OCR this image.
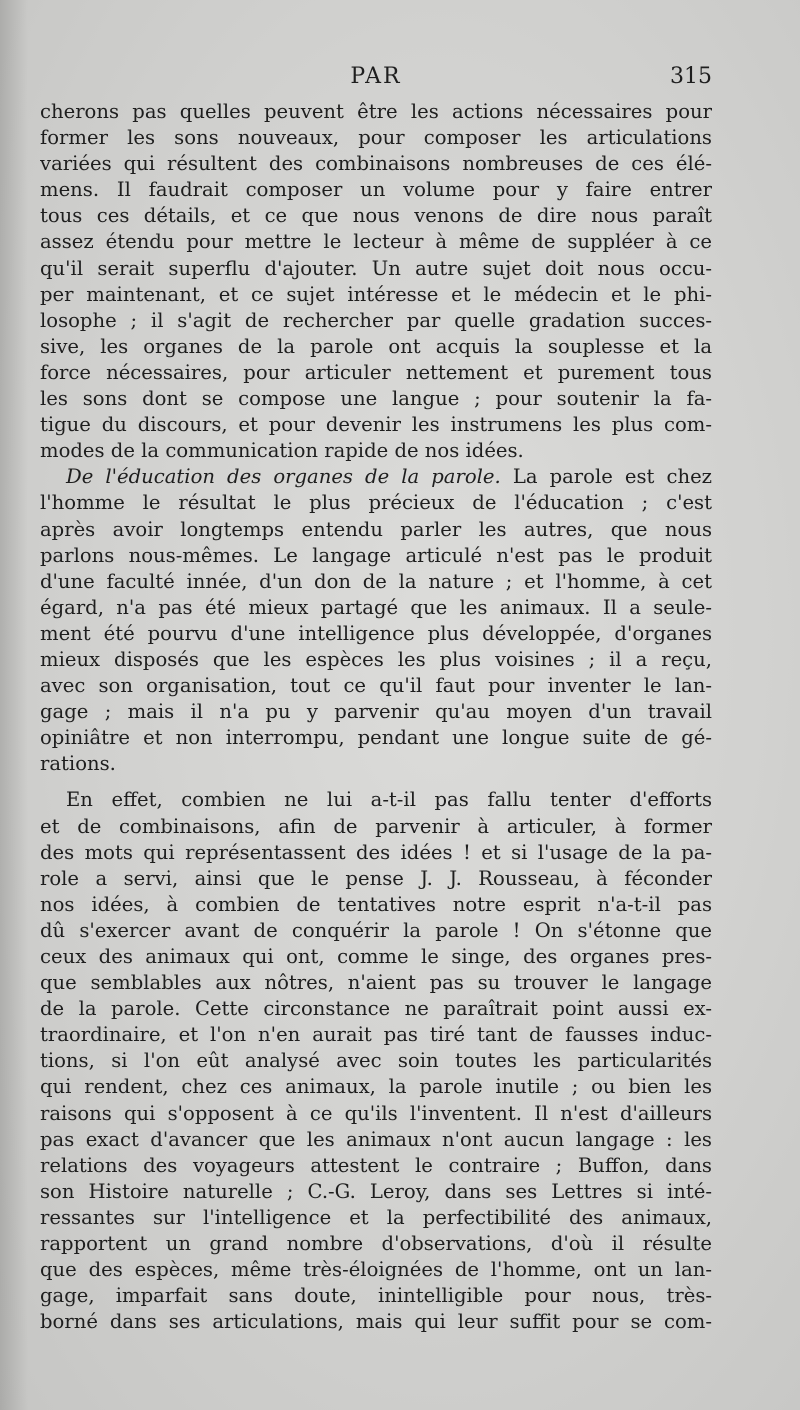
PAR	315
cherons pas quelles peuvent être les actions nécessaires pour
former les sons nouveaux, pour composer les articulations
variées qui résultent des combinaisons nombreuses de ces élé-
mens. Il faudrait composer un volume pour y faire entrer
tous ces détails, et ce que nous venons de dire nous paraît
assez étendu pour mettre le lecteur à même de suppléer à ce
qu'il serait superflu d'ajouter. Un autre sujet doit nous occu-
per maintenant, et ce sujet intéresse et le médecin et le phi-
losophe ; il s'agit de rechercher par quelle gradation succes-
sive, les organes de la parole ont acquis la souplesse et la
force nécessaires, pour articuler nettement et purement tous
les sons dont se compose une langue ; pour soutenir la fa-
tigue du discours, et pour devenir les instrumens les plus com-
modes de la communication rapide de nos idées.
De l'éducation des organes de la parole. La parole est chez
l'homme le résultat le plus précieux de l'éducation ; c'est
après avoir longtemps entendu parler les autres, que nous
parlons nous-mêmes. Le langage articulé n'est pas le produit
d'une faculté innée, d'un don de la nature ; et l'homme, à cet
égard, n'a pas été mieux partagé que les animaux. Il a seule-
ment été pourvu d'une intelligence plus développée, d'organes
mieux disposés que les espèces les plus voisines ; il a reçu,
avec son organisation, tout ce qu'il faut pour inventer le lan-
gage ; mais il n'a pu y parvenir qu'au moyen d'un travail
opiniâtre et non interrompu, pendant une longue suite de gé-
rations.
En effet, combien ne lui a-t-il pas fallu tenter d'efforts
et de combinaisons, afin de parvenir à articuler, à former
des mots qui représentassent des idées ! et si l'usage de la pa-
role a servi, ainsi que le pense J. J. Rousseau, à féconder
nos idées, à combien de tentatives notre esprit n'a-t-il pas
dû s'exercer avant de conquérir la parole ! On s'étonne que
ceux des animaux qui ont, comme le singe, des organes pres-
que semblables aux nôtres, n'aient pas su trouver le langage
de la parole. Cette circonstance ne paraîtrait point aussi ex-
traordinaire, et l'on n'en aurait pas tiré tant de fausses induc-
tions, si l'on eût analysé avec soin toutes les particularités
qui rendent, chez ces animaux, la parole inutile ; ou bien les
raisons qui s'opposent à ce qu'ils l'inventent. Il n'est d'ailleurs
pas exact d'avancer que les animaux n'ont aucun langage : les
relations des voyageurs attestent le contraire ; Buffon, dans
son Histoire naturelle ; C.-G. Leroy, dans ses Lettres si inté-
ressantes sur l'intelligence et la perfectibilité des animaux,
rapportent un grand nombre d'observations, d'où il résulte
que des espèces, même très-éloignées de l'homme, ont un lan-
gage, imparfait sans doute, inintelligible pour nous, très-
borné dans ses articulations, mais qui leur suffit pour se com-
